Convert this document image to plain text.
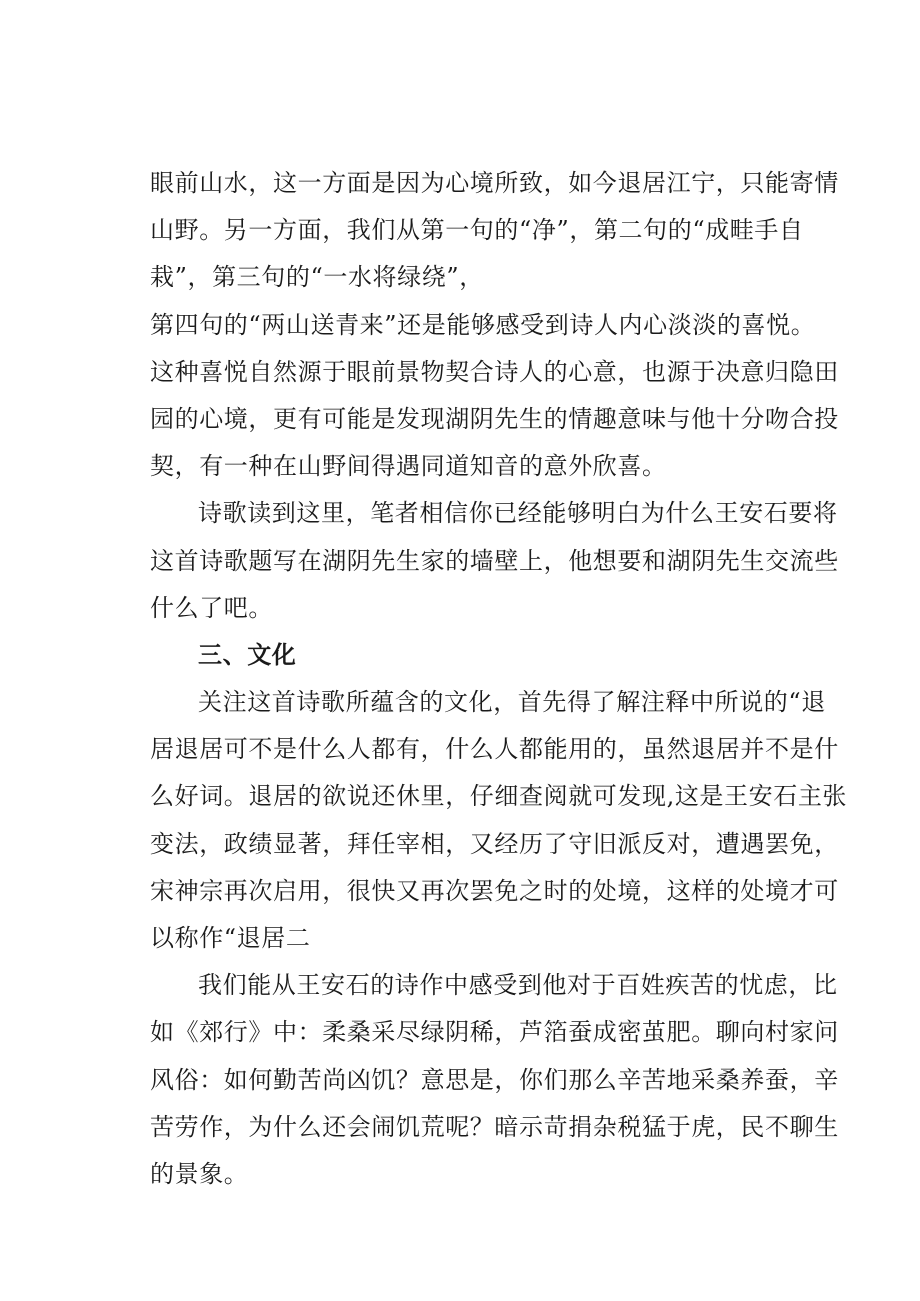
眼前山水，这一方面是因为心境所致，如今退居江宁，只能寄情
山野。另一方面，我们从第一句的“净”，第二句的“成畦手自
栽”，第三句的“一水将绿绕”，
第四句的“两山送青来”还是能够感受到诗人内心淡淡的喜悦。
这种喜悦自然源于眼前景物契合诗人的心意，也源于决意归隐田
园的心境，更有可能是发现湖阴先生的情趣意味与他十分吻合投
契，有一种在山野间得遇同道知音的意外欣喜。
诗歌读到这里，笔者相信你已经能够明白为什么王安石要将
这首诗歌题写在湖阴先生家的墙壁上，他想要和湖阴先生交流些
什么了吧。
三、文化
关注这首诗歌所蕴含的文化，首先得了解注释中所说的“退
居退居可不是什么人都有，什么人都能用的，虽然退居并不是什
么好词。退居的欲说还休里，仔细查阅就可发现,这是王安石主张
变法，政绩显著，拜任宰相，又经历了守旧派反对，遭遇罢免，
宋神宗再次启用，很快又再次罢免之时的处境，这样的处境才可
以称作“退居二
我们能从王安石的诗作中感受到他对于百姓疾苦的忧虑，比
如《郊行》中：柔桑采尽绿阴稀，芦箔蚕成密茧肥。聊向村家问
风俗：如何勤苦尚凶饥？意思是，你们那么辛苦地采桑养蚕，辛
苦劳作，为什么还会闹饥荒呢？暗示苛捐杂税猛于虎，民不聊生
的景象。
